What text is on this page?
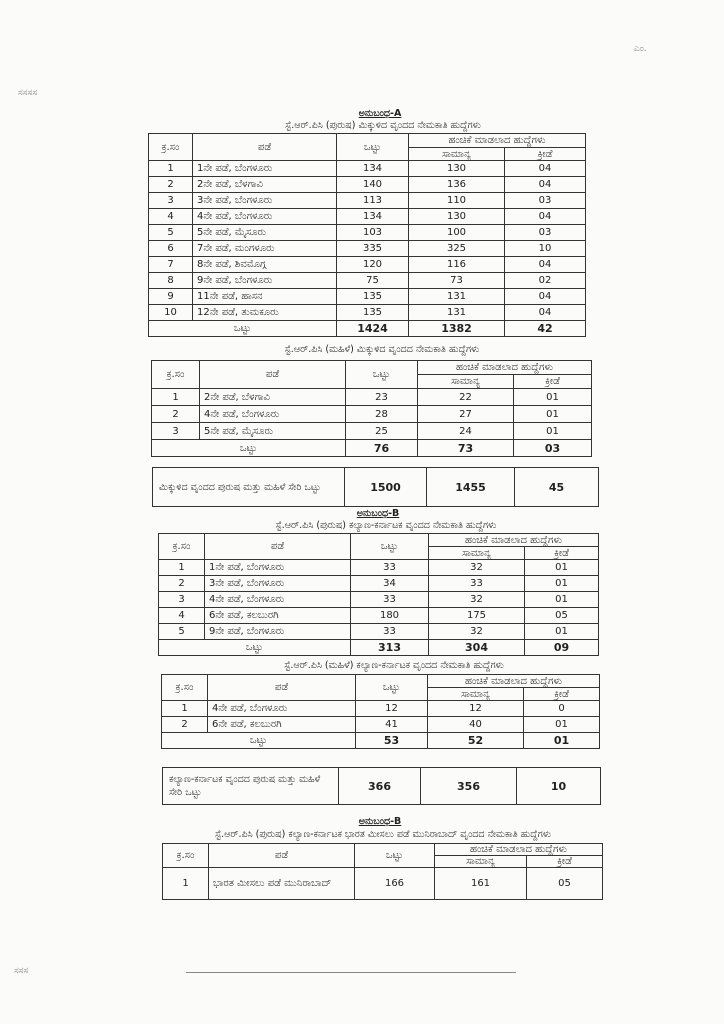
ಎಂ.
ಸಸಸಸ
ಅನುಬಂಧ-A
ಸ್ಟೆ.ಆರ್.ಪಿಸಿ (ಪುರುಷ) ಮಿಕ್ಕುಳಿದ ವೃಂದದ ನೇಮಕಾತಿ ಹುದ್ದೆಗಳು
ಕ್ರ.ಸಂ	ಪಡೆ	ಒಟ್ಟು	ಹಂಚಿಕೆ ಮಾಡಲಾದ ಹುದ್ದೆಗಳು	
			ಸಾಮಾನ್ಯ	ಕ್ರೀಡೆ
1	1ನೇ ಪಡೆ, ಬೆಂಗಳೂರು	134	130	04
2	2ನೇ ಪಡೆ, ಬೆಳಗಾವಿ	140	136	04
3	3ನೇ ಪಡೆ, ಬೆಂಗಳೂರು	113	110	03
4	4ನೇ ಪಡೆ, ಬೆಂಗಳೂರು	134	130	04
5	5ನೇ ಪಡೆ, ಮೈಸೂರು	103	100	03
6	7ನೇ ಪಡೆ, ಮಂಗಳೂರು	335	325	10
7	8ನೇ ಪಡೆ, ಶಿವಮೊಗ್ಗ	120	116	04
8	9ನೇ ಪಡೆ, ಬೆಂಗಳೂರು	75	73	02
9	11ನೇ ಪಡೆ, ಹಾಸನ	135	131	04
10	12ನೇ ಪಡೆ, ತುಮಕೂರು	135	131	04
ಒಟ್ಟು		1424	1382	42
ಸ್ಟೆ.ಆರ್.ಪಿಸಿ (ಮಹಿಳೆ) ಮಿಕ್ಕುಳಿದ ವೃಂದದ ನೇಮಕಾತಿ ಹುದ್ದೆಗಳು
ಕ್ರ.ಸಂ	ಪಡೆ	ಒಟ್ಟು	ಹಂಚಿಕೆ ಮಾಡಲಾದ ಹುದ್ದೆಗಳು	
			ಸಾಮಾನ್ಯ	ಕ್ರೀಡೆ
1	2ನೇ ಪಡೆ, ಬೆಳಗಾವಿ	23	22	01
2	4ನೇ ಪಡೆ, ಬೆಂಗಳೂರು	28	27	01
3	5ನೇ ಪಡೆ, ಮೈಸೂರು	25	24	01
ಒಟ್ಟು		76	73	03
ಮಿಕ್ಕುಳಿದ ವೃಂದದ ಪುರುಷ ಮತ್ತು ಮಹಿಳೆ ಸೇರಿ ಒಟ್ಟು	1500	1455	45
ಅನುಬಂಧ-B
ಸ್ಟೆ.ಆರ್.ಪಿಸಿ (ಪುರುಷ) ಕಲ್ಯಾಣ-ಕರ್ನಾಟಕ ವೃಂದದ ನೇಮಕಾತಿ ಹುದ್ದೆಗಳು
ಕ್ರ.ಸಂ	ಪಡೆ	ಒಟ್ಟು	ಹಂಚಿಕೆ ಮಾಡಲಾದ ಹುದ್ದೆಗಳು	
			ಸಾಮಾನ್ಯ	ಕ್ರೀಡೆ
1	1ನೇ ಪಡೆ, ಬೆಂಗಳೂರು	33	32	01
2	3ನೇ ಪಡೆ, ಬೆಂಗಳೂರು	34	33	01
3	4ನೇ ಪಡೆ, ಬೆಂಗಳೂರು	33	32	01
4	6ನೇ ಪಡೆ, ಕಲಬುರಗಿ	180	175	05
5	9ನೇ ಪಡೆ, ಬೆಂಗಳೂರು	33	32	01
ಒಟ್ಟು		313	304	09
ಸ್ಟೆ.ಆರ್.ಪಿಸಿ (ಮಹಿಳೆ) ಕಲ್ಯಾಣ-ಕರ್ನಾಟಕ ವೃಂದದ ನೇಮಕಾತಿ ಹುದ್ದೆಗಳು
ಕ್ರ.ಸಂ	ಪಡೆ	ಒಟ್ಟು	ಹಂಚಿಕೆ ಮಾಡಲಾದ ಹುದ್ದೆಗಳು	
			ಸಾಮಾನ್ಯ	ಕ್ರೀಡೆ
1	4ನೇ ಪಡೆ, ಬೆಂಗಳೂರು	12	12	0
2	6ನೇ ಪಡೆ, ಕಲಬುರಗಿ	41	40	01
ಒಟ್ಟು		53	52	01
ಕಲ್ಯಾಣ-ಕರ್ನಾಟಕ ವೃಂದದ ಪುರುಷ ಮತ್ತು ಮಹಿಳೆ ಸೇರಿ ಒಟ್ಟು	366	356	10
ಅನುಬಂಧ-B
ಸ್ಟೆ.ಆರ್.ಪಿಸಿ (ಪುರುಷ) ಕಲ್ಯಾಣ-ಕರ್ನಾಟಕ ಭಾರತ ಮೀಸಲು ಪಡೆ ಮುನಿರಾಬಾದ್ ವೃಂದದ ನೇಮಕಾತಿ ಹುದ್ದೆಗಳು
ಕ್ರ.ಸಂ	ಪಡೆ	ಒಟ್ಟು	ಹಂಚಿಕೆ ಮಾಡಲಾದ ಹುದ್ದೆಗಳು	
			ಸಾಮಾನ್ಯ	ಕ್ರೀಡೆ
1	ಭಾರತ ಮೀಸಲು ಪಡೆ ಮುನಿರಾಬಾದ್	166	161	05
ಸಸಸ
